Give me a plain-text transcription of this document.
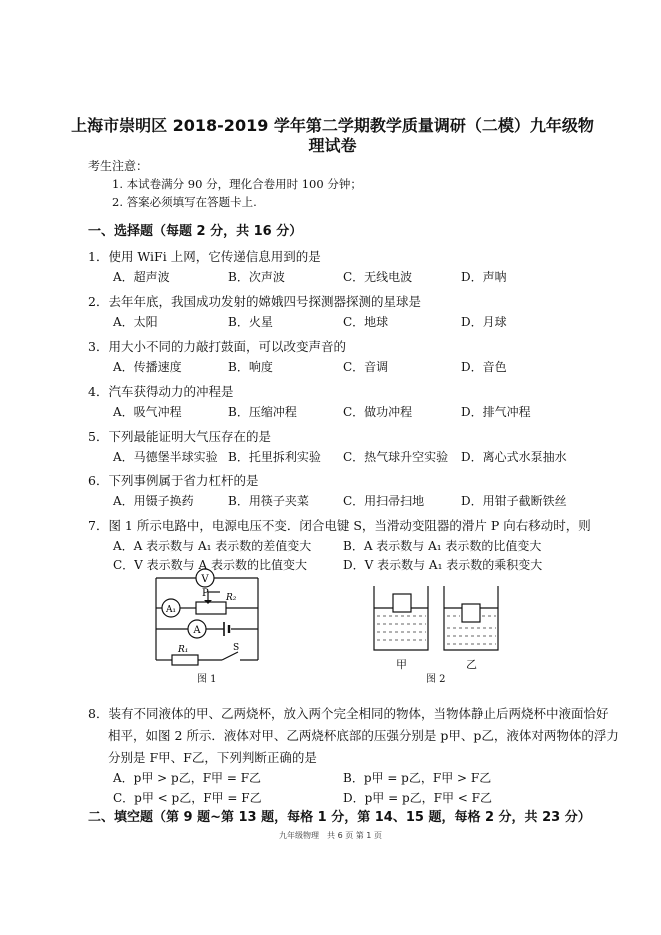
上海市崇明区 2018-2019 学年第二学期教学质量调研（二模）九年级物
理试卷
考生注意：
1. 本试卷满分 90 分，理化合卷用时 100 分钟；
2. 答案必须填写在答题卡上.
一、选择题（每题 2 分，共 16 分）
1．使用 WiFi 上网，它传递信息用到的是
A．超声波	B．次声波	C．无线电波	D．声呐
2．去年年底，我国成功发射的嫦娥四号探测器探测的星球是
A．太阳	B．火星	C．地球	D．月球
3．用大小不同的力敲打鼓面，可以改变声音的
A．传播速度	B．响度	C．音调	D．音色
4．汽车获得动力的冲程是
A．吸气冲程	B．压缩冲程	C．做功冲程	D．排气冲程
5．下列最能证明大气压存在的是
A．马德堡半球实验 B．托里拆利实验 C．热气球升空实验 D．离心式水泵抽水
6．下列事例属于省力杠杆的是
A．用镊子换药	B．用筷子夹菜	C．用扫帚扫地	D．用钳子截断铁丝
7．图 1 所示电路中，电源电压不变．闭合电键 S，当滑动变阻器的滑片 P 向右移动时，则
A．A 表示数与 A₁ 表示数的差值变大	B．A 表示数与 A₁ 表示数的比值变大
C．V 表示数与 A 表示数的比值变大	D．V 表示数与 A₁ 表示数的乘积变大
V
A₁
A
P R₂
R₁	S
图 1
甲	乙
图 2
8．装有不同液体的甲、乙两烧杯，放入两个完全相同的物体，当物体静止后两烧杯中液面恰好
相平，如图 2 所示．液体对甲、乙两烧杯底部的压强分别是 p甲、p乙，液体对两物体的浮力
分别是 F甲、F乙，下列判断正确的是
A．p甲 > p乙，F甲 = F乙	B．p甲 = p乙，F甲 > F乙
C．p甲 < p乙，F甲 = F乙	D．p甲 = p乙，F甲 < F乙
二、填空题（第 9 题~第 13 题，每格 1 分，第 14、15 题，每格 2 分，共 23 分）
九年级物理　共 6 页 第 1 页
